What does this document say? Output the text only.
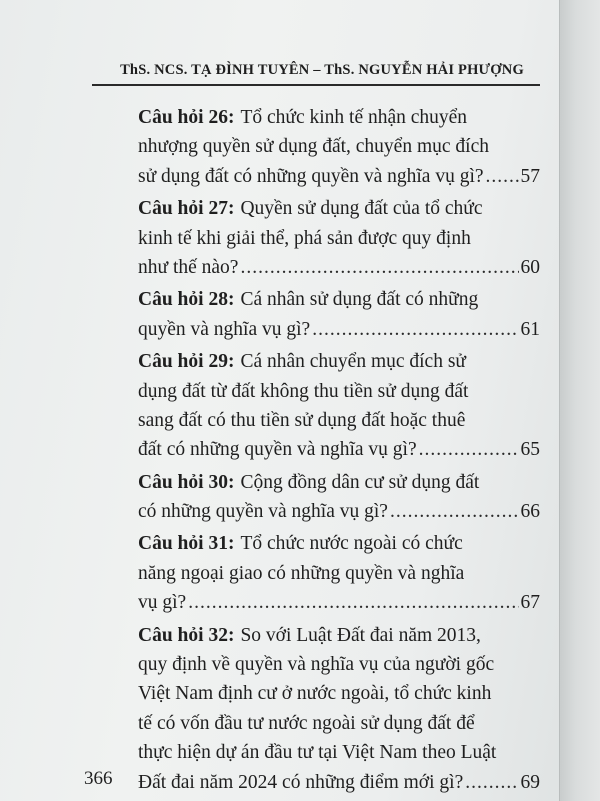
ThS. NCS. TẠ ĐÌNH TUYÊN – ThS. NGUYỄN HẢI PHƯỢNG
Câu hỏi 26: Tổ chức kinh tế nhận chuyển
nhượng quyền sử dụng đất, chuyển mục đích
sử dụng đất có những quyền và nghĩa vụ gì? ..... 57
Câu hỏi 27: Quyền sử dụng đất của tổ chức
kinh tế khi giải thể, phá sản được quy định
như thế nào? .....	60
Câu hỏi 28: Cá nhân sử dụng đất có những
quyền và nghĩa vụ gì? .....	61
Câu hỏi 29: Cá nhân chuyển mục đích sử
dụng đất từ đất không thu tiền sử dụng đất
sang đất có thu tiền sử dụng đất hoặc thuê
đất có những quyền và nghĩa vụ gì? .....	65
Câu hỏi 30: Cộng đồng dân cư sử dụng đất
có những quyền và nghĩa vụ gì? .....	66
Câu hỏi 31: Tổ chức nước ngoài có chức
năng ngoại giao có những quyền và nghĩa
vụ gì? .....	67
Câu hỏi 32: So với Luật Đất đai năm 2013,
quy định về quyền và nghĩa vụ của người gốc
Việt Nam định cư ở nước ngoài, tổ chức kinh
tế có vốn đầu tư nước ngoài sử dụng đất để
thực hiện dự án đầu tư tại Việt Nam theo Luật
Đất đai năm 2024 có những điểm mới gì? .....	69
366
